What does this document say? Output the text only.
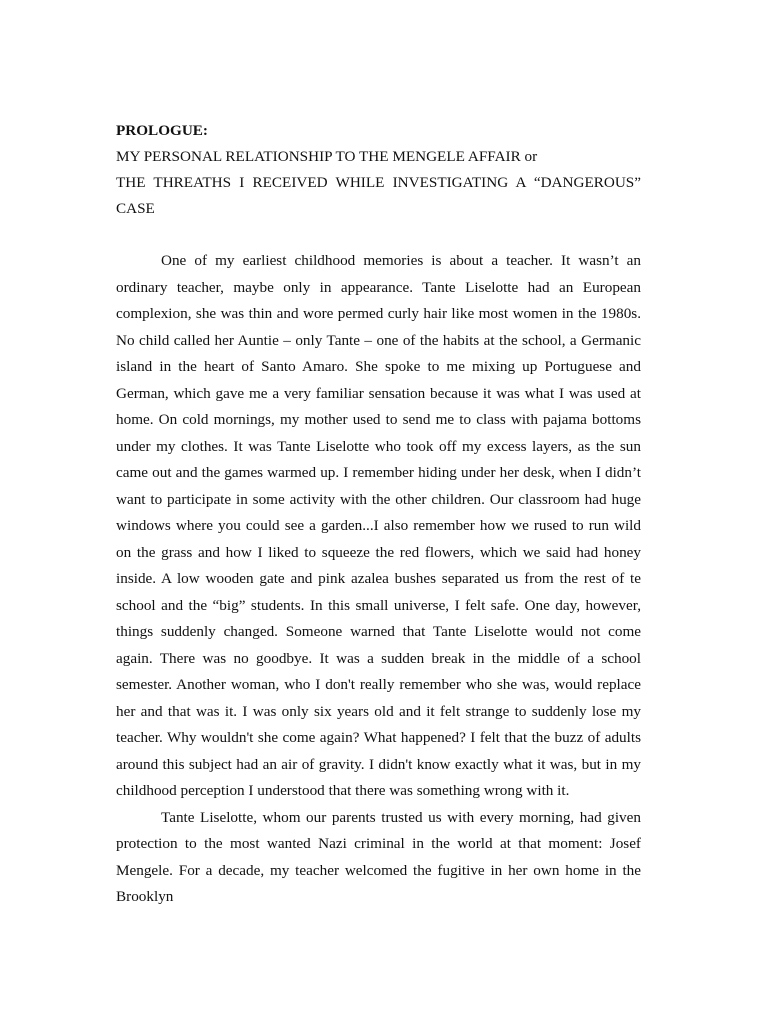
PROLOGUE:
MY PERSONAL RELATIONSHIP TO THE MENGELE AFFAIR or
THE THREATHS I RECEIVED WHILE INVESTIGATING A “DANGEROUS” CASE

One of my earliest childhood memories is about a teacher. It wasn’t an ordinary teacher, maybe only in appearance. Tante Liselotte had an European complexion, she was thin and wore permed curly hair like most women in the 1980s. No child called her Auntie – only Tante – one of the habits at the school, a Germanic island in the heart of Santo Amaro. She spoke to me mixing up Portuguese and German, which gave me a very familiar sensation because it was what I was used at home. On cold mornings, my mother used to send me to class with pajama bottoms under my clothes. It was Tante Liselotte who took off my excess layers, as the sun came out and the games warmed up. I remember hiding under her desk, when I didn’t want to participate in some activity with the other children. Our classroom had huge windows where you could see a garden...I also remember how we rused to run wild on the grass and how I liked to squeeze the red flowers, which we said had honey inside. A low wooden gate and pink azalea bushes separated us from the rest of te school and the “big” students. In this small universe, I felt safe. One day, however, things suddenly changed. Someone warned that Tante Liselotte would not come again. There was no goodbye. It was a sudden break in the middle of a school semester. Another woman, who I don't really remember who she was, would replace her and that was it. I was only six years old and it felt strange to suddenly lose my teacher. Why wouldn't she come again? What happened? I felt that the buzz of adults around this subject had an air of gravity. I didn't know exactly what it was, but in my childhood perception I understood that there was something wrong with it.

Tante Liselotte, whom our parents trusted us with every morning, had given protection to the most wanted Nazi criminal in the world at that moment: Josef Mengele. For a decade, my teacher welcomed the fugitive in her own home in the Brooklyn
